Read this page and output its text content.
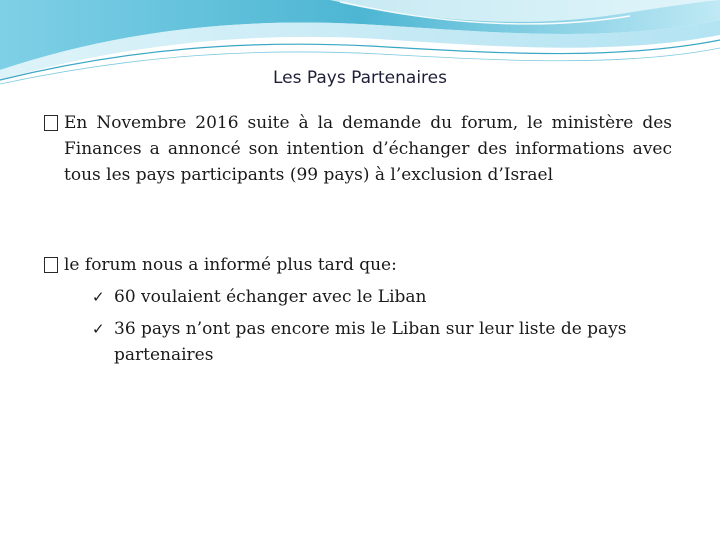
Les Pays Partenaires
En Novembre 2016 suite à la demande du forum, le ministère des Finances a annoncé son intention d’échanger des informations avec tous les pays participants (99 pays) à l’exclusion d’Israel
le forum nous a informé plus tard que:
✓ 60 voulaient échanger avec le Liban
✓ 36 pays n’ont pas encore mis le Liban sur leur liste de pays partenaires
